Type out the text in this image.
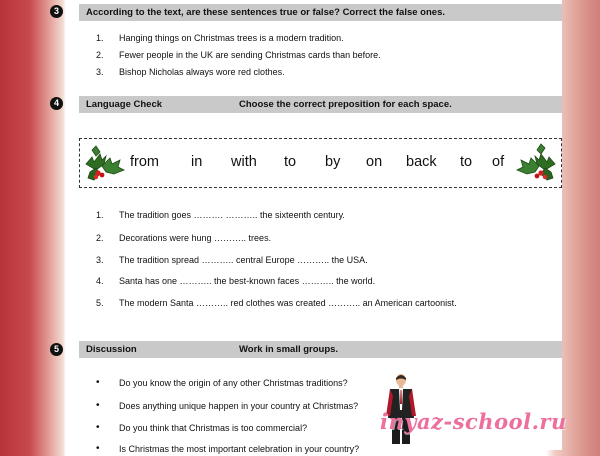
3	According to the text, are these sentences true or false? Correct the false ones.
1. Hanging things on Christmas trees is a modern tradition.
2. Fewer people in the UK are sending Christmas cards than before.
3. Bishop Nicholas always wore red clothes.
4	Language Check	Choose the correct preposition for each space.
from in with to by on back to of
1. The tradition goes ………. ……….. the sixteenth century.
2. Decorations were hung ……….. trees.
3. The tradition spread ……….. central Europe ……….. the USA.
4. Santa has one ……….. the best-known faces ……….. the world.
5. The modern Santa ……….. red clothes was created ……….. an American cartoonist.
5	Discussion	Work in small groups.
• Do you know the origin of any other Christmas traditions?
• Does anything unique happen in your country at Christmas?
• Do you think that Christmas is too commercial?
• Is Christmas the most important celebration in your country?
inyaz-school.ru
